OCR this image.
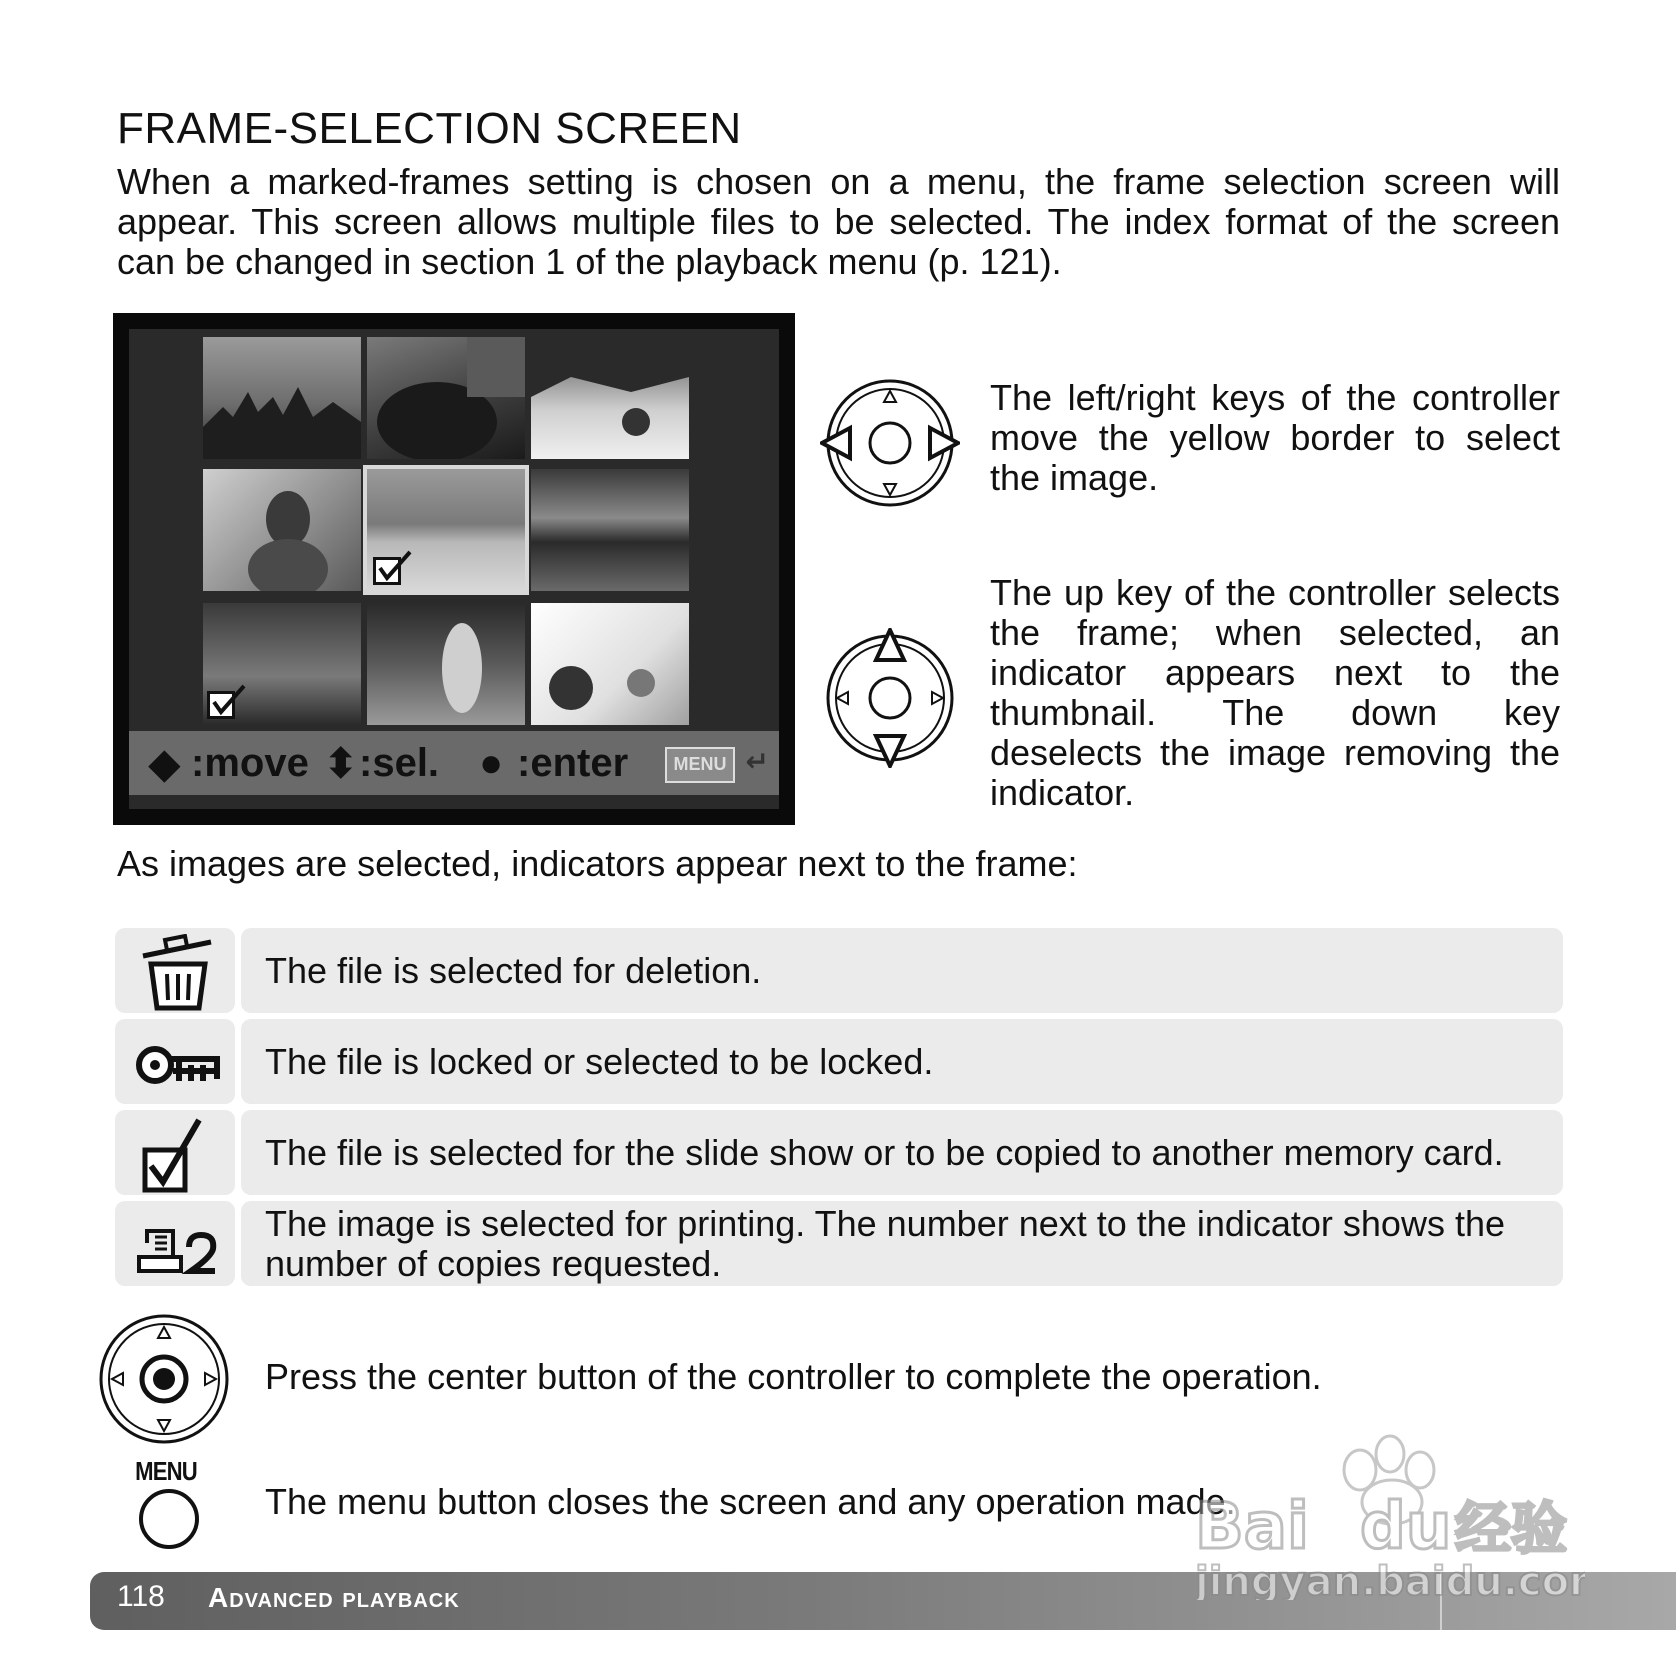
FRAME-SELECTION SCREEN
When a marked-frames setting is chosen on a menu, the frame selection screen will
appear. This screen allows multiple files to be selected. The index format of the screen
can be changed in section 1 of the playback menu (p. 121).
◆ :move ⬍ :sel. ● :enter	MENU ↵
The left/right keys of the controller
move the yellow border to select
the image.
The up key of the controller selects
the frame; when selected, an
indicator appears next to the
thumbnail. The down key
deselects the image removing the
indicator.
As images are selected, indicators appear next to the frame:
The file is selected for deletion.
The file is locked or selected to be locked.
The file is selected for the slide show or to be copied to another memory card.
The image is selected for printing. The number next to the indicator shows the number of copies requested.
Press the center button of the controller to complete the operation.
MENU
The menu button closes the screen and any operation made.
118 Advanced playback
Bai du 经验
jingyan.baidu.com
